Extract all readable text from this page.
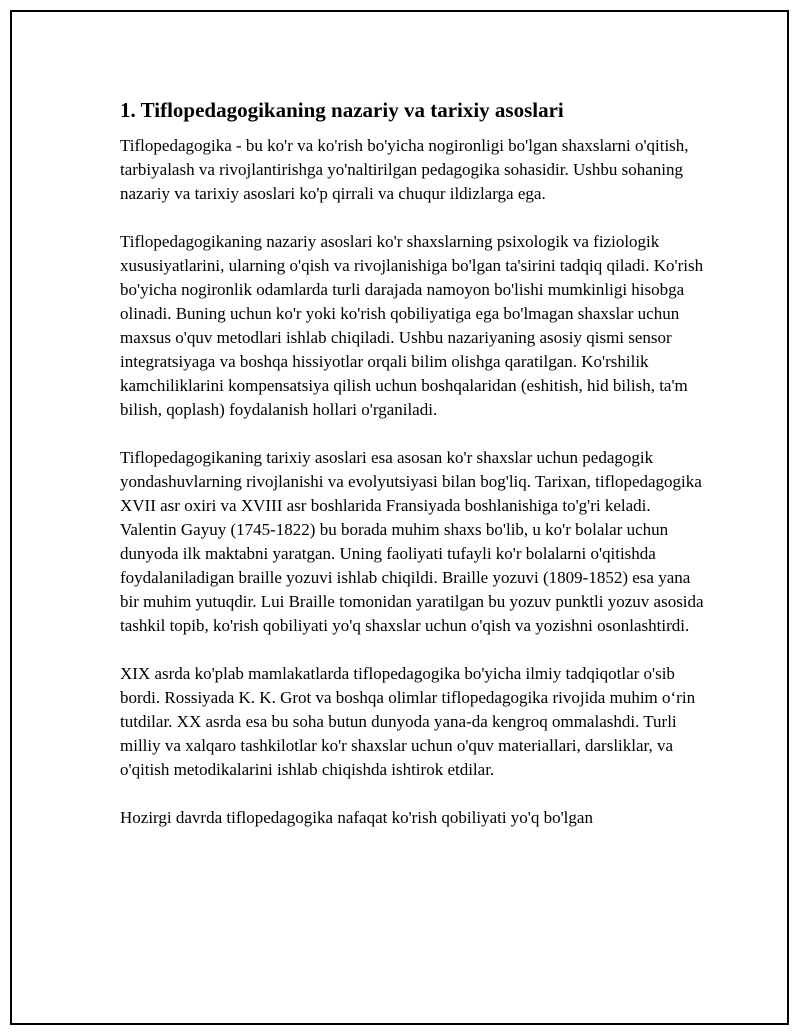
1. Tiflopedagogikaning nazariy va tarixiy asoslari

Tiflopedagogika - bu ko'r va ko'rish bo'yicha nogironligi bo'lgan shaxslarni o'qitish, tarbiyalash va rivojlantirishga yo'naltirilgan pedagogika sohasidir. Ushbu sohaning nazariy va tarixiy asoslari ko'p qirrali va chuqur ildizlarga ega.

Tiflopedagogikaning nazariy asoslari ko'r shaxslarning psixologik va fiziologik xususiyatlarini, ularning o'qish va rivojlanishiga bo'lgan ta'sirini tadqiq qiladi. Ko'rish bo'yicha nogironlik odamlarda turli darajada namoyon bo'lishi mumkinligi hisobga olinadi. Buning uchun ko'r yoki ko'rish qobiliyatiga ega bo'lmagan shaxslar uchun maxsus o'quv metodlari ishlab chiqiladi. Ushbu nazariyaning asosiy qismi sensor integratsiyaga va boshqa hissiyotlar orqali bilim olishga qaratilgan. Ko'rshilik kamchiliklarini kompensatsiya qilish uchun boshqalaridan (eshitish, hid bilish, ta'm bilish, qoplash) foydalanish hollari o'rganiladi.

Tiflopedagogikaning tarixiy asoslari esa asosan ko'r shaxslar uchun pedagogik yondashuvlarning rivojlanishi va evolyutsiyasi bilan bog'liq. Tarixan, tiflopedagogika XVII asr oxiri va XVIII asr boshlarida Fransiyada boshlanishiga to'g'ri keladi. Valentin Gayuy (1745-1822) bu borada muhim shaxs bo'lib, u ko'r bolalar uchun dunyoda ilk maktabni yaratgan. Uning faoliyati tufayli ko'r bolalarni o'qitishda foydalaniladigan braille yozuvi ishlab chiqildi. Braille yozuvi (1809-1852) esa yana bir muhim yutuqdir. Lui Braille tomonidan yaratilgan bu yozuv punktli yozuv asosida tashkil topib, ko'rish qobiliyati yo'q shaxslar uchun o'qish va yozishni osonlashtirdi.

XIX asrda ko'plab mamlakatlarda tiflopedagogika bo'yicha ilmiy tadqiqotlar o'sib bordi. Rossiyada K. K. Grot va boshqa olimlar tiflopedagogika rivojida muhim o‘rin tutdilar. XX asrda esa bu soha butun dunyoda yana-da kengroq ommalashdi. Turli milliy va xalqaro tashkilotlar ko'r shaxslar uchun o'quv materiallari, darsliklar, va o'qitish metodikalarini ishlab chiqishda ishtirok etdilar.

Hozirgi davrda tiflopedagogika nafaqat ko'rish qobiliyati yo'q bo'lgan
